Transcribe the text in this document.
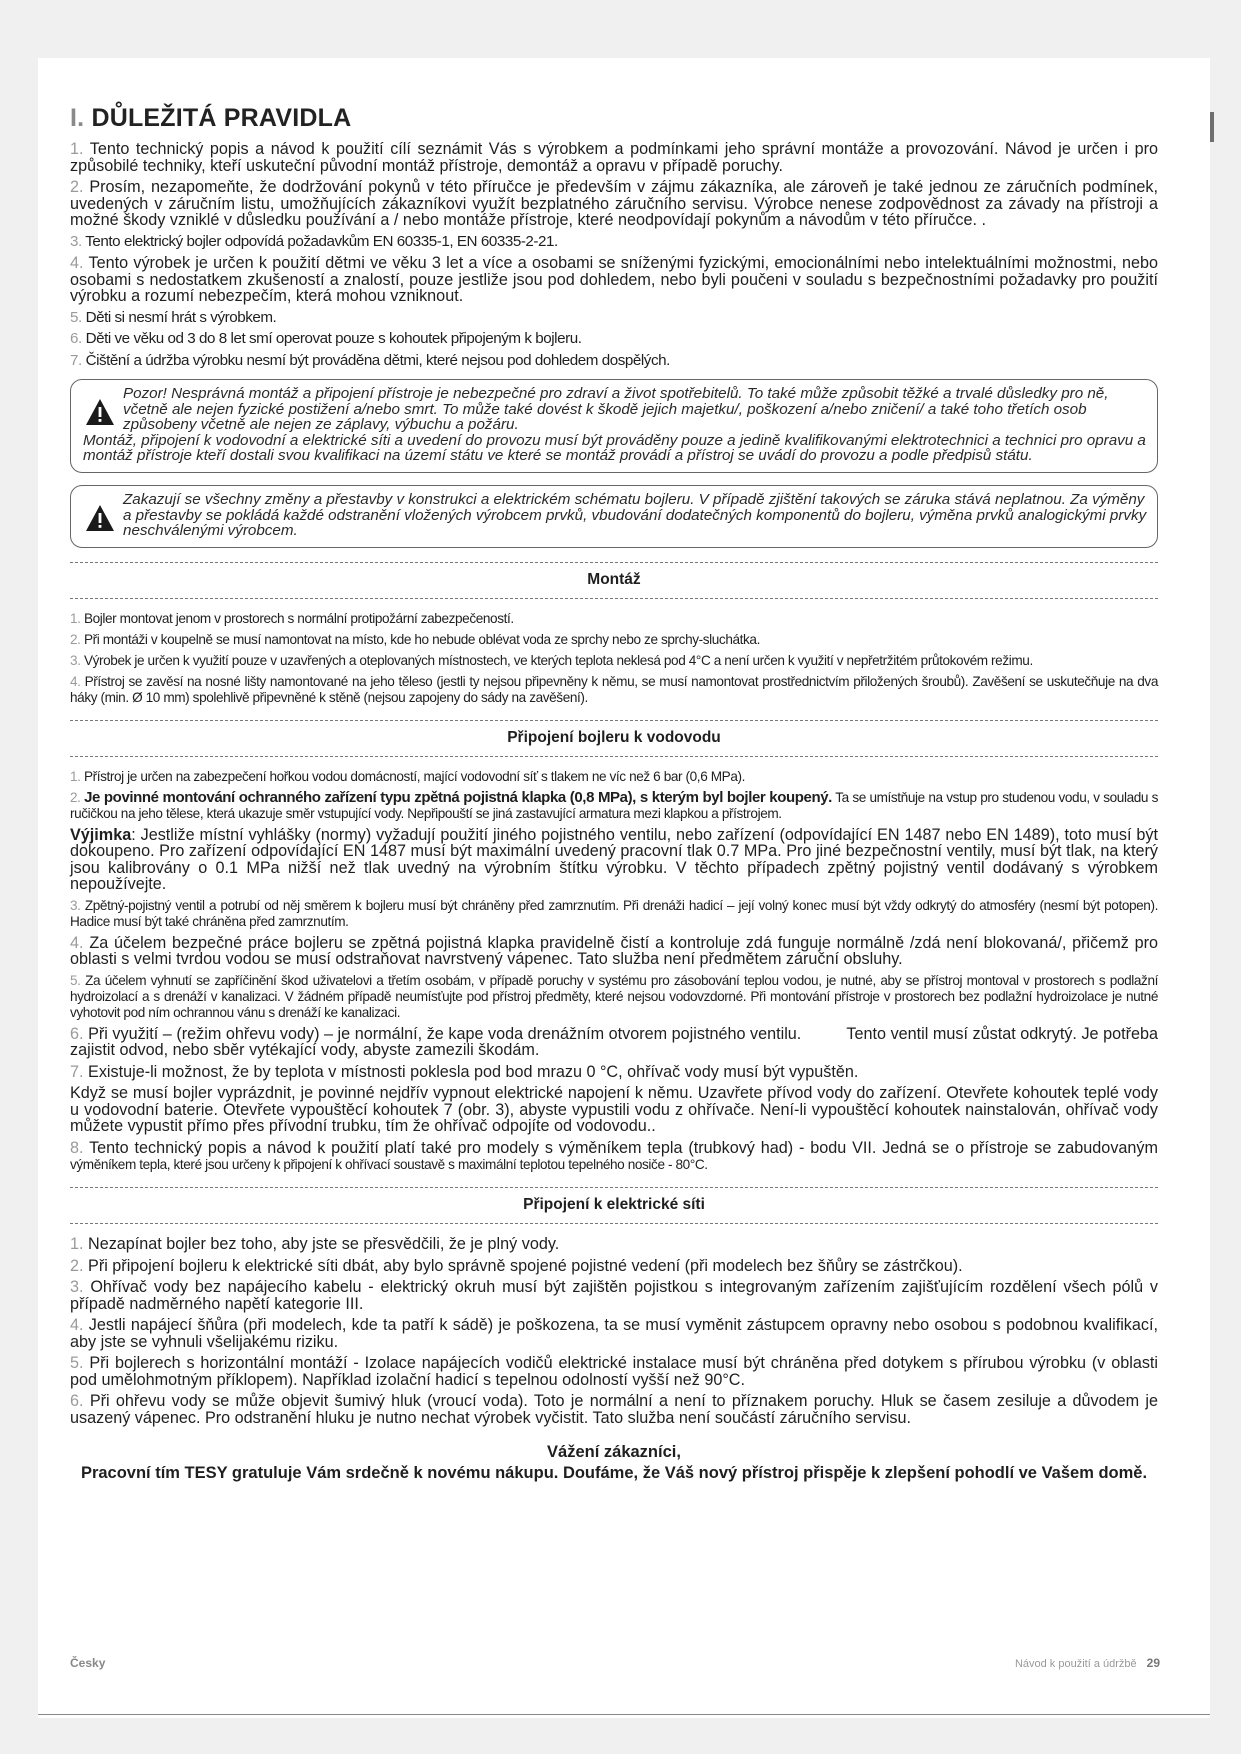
I. DŮLEŽITÁ PRAVIDLA

1. Tento technický popis a návod k použití cílí seznámit Vás s výrobkem a podmínkami jeho správní montáže a provozování. Návod je určen i pro způsobilé techniky, kteří uskuteční původní montáž přístroje, demontáž a opravu v případě poruchy.

2. Prosím, nezapomeňte, že dodržování pokynů v této příručce je především v zájmu zákazníka, ale zároveň je také jednou ze záručních podmínek, uvedených v záručním listu, umožňujících zákazníkovi využít bezplatného záručního servisu. Výrobce nenese zodpovědnost za závady na přístroji a možné škody vzniklé v důsledku používání a / nebo montáže přístroje, které neodpovídají pokynům a návodům v této příručce. .

3. Tento elektrický bojler odpovídá požadavkům EN 60335-1, EN 60335-2-21.

4. Tento výrobek je určen k použití dětmi ve věku 3 let a více a osobami se sníženými fyzickými, emocionálními nebo intelektuálními možnostmi, nebo osobami s nedostatkem zkušeností a znalostí, pouze jestliže jsou pod dohledem, nebo byli poučeni v souladu s bezpečnostními požadavky pro použití výrobku a rozumí nebezpečím, která mohou vzniknout.

5. Děti si nesmí hrát s výrobkem.

6. Děti ve věku od 3 do 8 let smí operovat pouze s kohoutek připojeným k bojleru.

7. Čištění a údržba výrobku nesmí být prováděna dětmi, které nejsou pod dohledem dospělých.

Pozor! Nesprávná montáž a připojení přístroje je nebezpečné pro zdraví a život spotřebitelů. To také může způsobit těžké a trvalé důsledky pro ně, včetně ale nejen fyzické postižení a/nebo smrt. To může také dovést k škodě jejich majetku/, poškození a/nebo zničení/ a také toho třetích osob způsobeny včetně ale nejen ze záplavy, výbuchu a požáru.

Montáž, připojení k vodovodní a elektrické síti a uvedení do provozu musí být prováděny pouze a jedině kvalifikovanými elektrotechnici a technici pro opravu a montáž přístroje kteří dostali svou kvalifikaci na území státu ve které se montáž provádí a přístroj se uvádí do provozu a podle předpisů státu.

Zakazují se všechny změny a přestavby v konstrukci a elektrickém schématu bojleru. V případě zjištění takových se záruka stává neplatnou. Za výměny a přestavby se pokládá každé odstranění vložených výrobcem prvků, vbudování dodatečných komponentů do bojleru, výměna prvků analogickými prvky neschválenými výrobcem.

Montáž

1. Bojler montovat jenom v prostorech s normální protipožární zabezpečeností.

2. Při montáži v koupelně se musí namontovat na místo, kde ho nebude oblévat voda ze sprchy nebo ze sprchy-sluchátka.

3. Výrobek je určen k využití pouze v uzavřených a oteplovaných místnostech, ve kterých teplota neklesá pod 4°C a není určen k využití v nepřetržitém průtokovém režimu.

4. Přístroj se zavěsí na nosné lišty namontované na jeho těleso (jestli ty nejsou připevněny k němu, se musí namontovat prostřednictvím přiložených šroubů). Zavěšení se uskutečňuje na dva háky (min. Ø 10 mm) spolehlivě připevněné k stěně (nejsou zapojeny do sády na zavěšení).

Připojení bojleru k vodovodu

1. Přístroj je určen na zabezpečení hořkou vodou domácností, mající vodovodní síť s tlakem ne víc než 6 bar (0,6 MPa).

2. Je povinné montování ochranného zařízení typu zpětná pojistná klapka (0,8 MPa), s kterým byl bojler koupený. Ta se umístňuje na vstup pro studenou vodu, v souladu s ručičkou na jeho tělese, která ukazuje směr vstupující vody. Nepřipouští se jiná zastavující armatura mezi klapkou a přístrojem.

Výjimka: Jestliže místní vyhlášky (normy) vyžadují použití jiného pojistného ventilu, nebo zařízení (odpovídající EN 1487 nebo EN 1489), toto musí být dokoupeno. Pro zařízení odpovídající EN 1487 musí být maximální uvedený pracovní tlak 0.7 MPa. Pro jiné bezpečnostní ventily, musí být tlak, na který jsou kalibrovány o 0.1 MPa nižší než tlak uvedný na výrobním štítku výrobku. V těchto případech zpětný pojistný ventil dodávaný s výrobkem nepoužívejte.

3. Zpětný-pojistný ventil a potrubí od něj směrem k bojleru musí být chráněny před zamrznutím. Při drenáži hadicí – její volný konec musí být vždy odkrytý do atmosféry (nesmí být potopen). Hadice musí být také chráněna před zamrznutím.

4. Za účelem bezpečné práce bojleru se zpětná pojistná klapka pravidelně čistí a kontroluje zdá funguje normálně /zdá není blokovaná/, přičemž pro oblasti s velmi tvrdou vodou se musí odstraňovat navrstvený vápenec. Tato služba není předmětem záruční obsluhy.

5. Za účelem vyhnutí se zapříčinění škod uživatelovi a třetím osobám, v případě poruchy v systému pro zásobování teplou vodou, je nutné, aby se přístroj montoval v prostorech s podlažní hydroizolací a s drenáží v kanalizaci. V žádném případě neumísťujte pod přístroj předměty, které nejsou vodovzdorné. Při montování přístroje v prostorech bez podlažní hydroizolace je nutné vyhotovit pod ním ochrannou vánu s drenáží ke kanalizaci.

6. Při využití – (režim ohřevu vody) – je normální, že kape voda drenážním otvorem pojistného ventilu.          Tento ventil musí zůstat odkrytý. Je potřeba zajistit odvod, nebo sběr vytékající vody, abyste zamezili škodám.

7. Existuje-li možnost, že by teplota v místnosti poklesla pod bod mrazu 0 °C, ohřívač vody musí být vypuštěn.

Když se musí bojler vyprázdnit, je povinné nejdřív vypnout elektrické napojení k němu. Uzavřete přívod vody do zařízení. Otevřete kohoutek teplé vody u vodovodní baterie. Otevřete vypouštěcí kohoutek 7 (obr. 3), abyste vypustili vodu z ohřívače. Není-li vypouštěcí kohoutek nainstalován, ohřívač vody můžete vypustit přímo přes přívodní trubku, tím že ohřívač odpojíte od vodovodu..

8. Tento technický popis a návod k použití platí také pro modely s výměníkem tepla (trubkový had) - bodu VII. Jedná se o přístroje se zabudovaným výměníkem tepla, které jsou určeny k připojení k ohřívací soustavě s maximální teplotou tepelného nosiče - 80°C.

Připojení k elektrické síti

1. Nezapínat bojler bez toho, aby jste se přesvědčili, že je plný vody.

2. Při připojení bojleru k elektrické síti dbát, aby bylo správně spojené pojistné vedení (při modelech bez šňůry se zástrčkou).

3. Ohřívač vody bez napájecího kabelu - elektrický okruh musí být zajištěn pojistkou s integrovaným zařízením zajišťujícím rozdělení všech pólů v případě nadměrného napětí kategorie III.

4. Jestli napájecí šňůra (při modelech, kde ta patří k sádě) je poškozena, ta se musí vyměnit zástupcem opravny nebo osobou s podobnou kvalifikací, aby jste se vyhnuli všelijakému riziku.

5. Při bojlerech s horizontální montáží - Izolace napájecích vodičů elektrické instalace musí být chráněna před dotykem s přírubou výrobku (v oblasti pod umělohmotným příklopem). Například izolační hadicí s tepelnou odolností vyšší než 90°C.

6. Při ohřevu vody se může objevit šumivý hluk (vroucí voda). Toto je normální a není to příznakem poruchy. Hluk se časem zesiluje a důvodem je usazený vápenec. Pro odstranění hluku je nutno nechat výrobek vyčistit. Tato služba není součástí záručního servisu.

Vážení zákazníci,
Pracovní tím TESY gratuluje Vám srdečně k novému nákupu. Doufáme, že Váš nový přístroj přispěje k zlepšení pohodlí ve Vašem domě.
Česky	Návod k použití a údržbě 29
